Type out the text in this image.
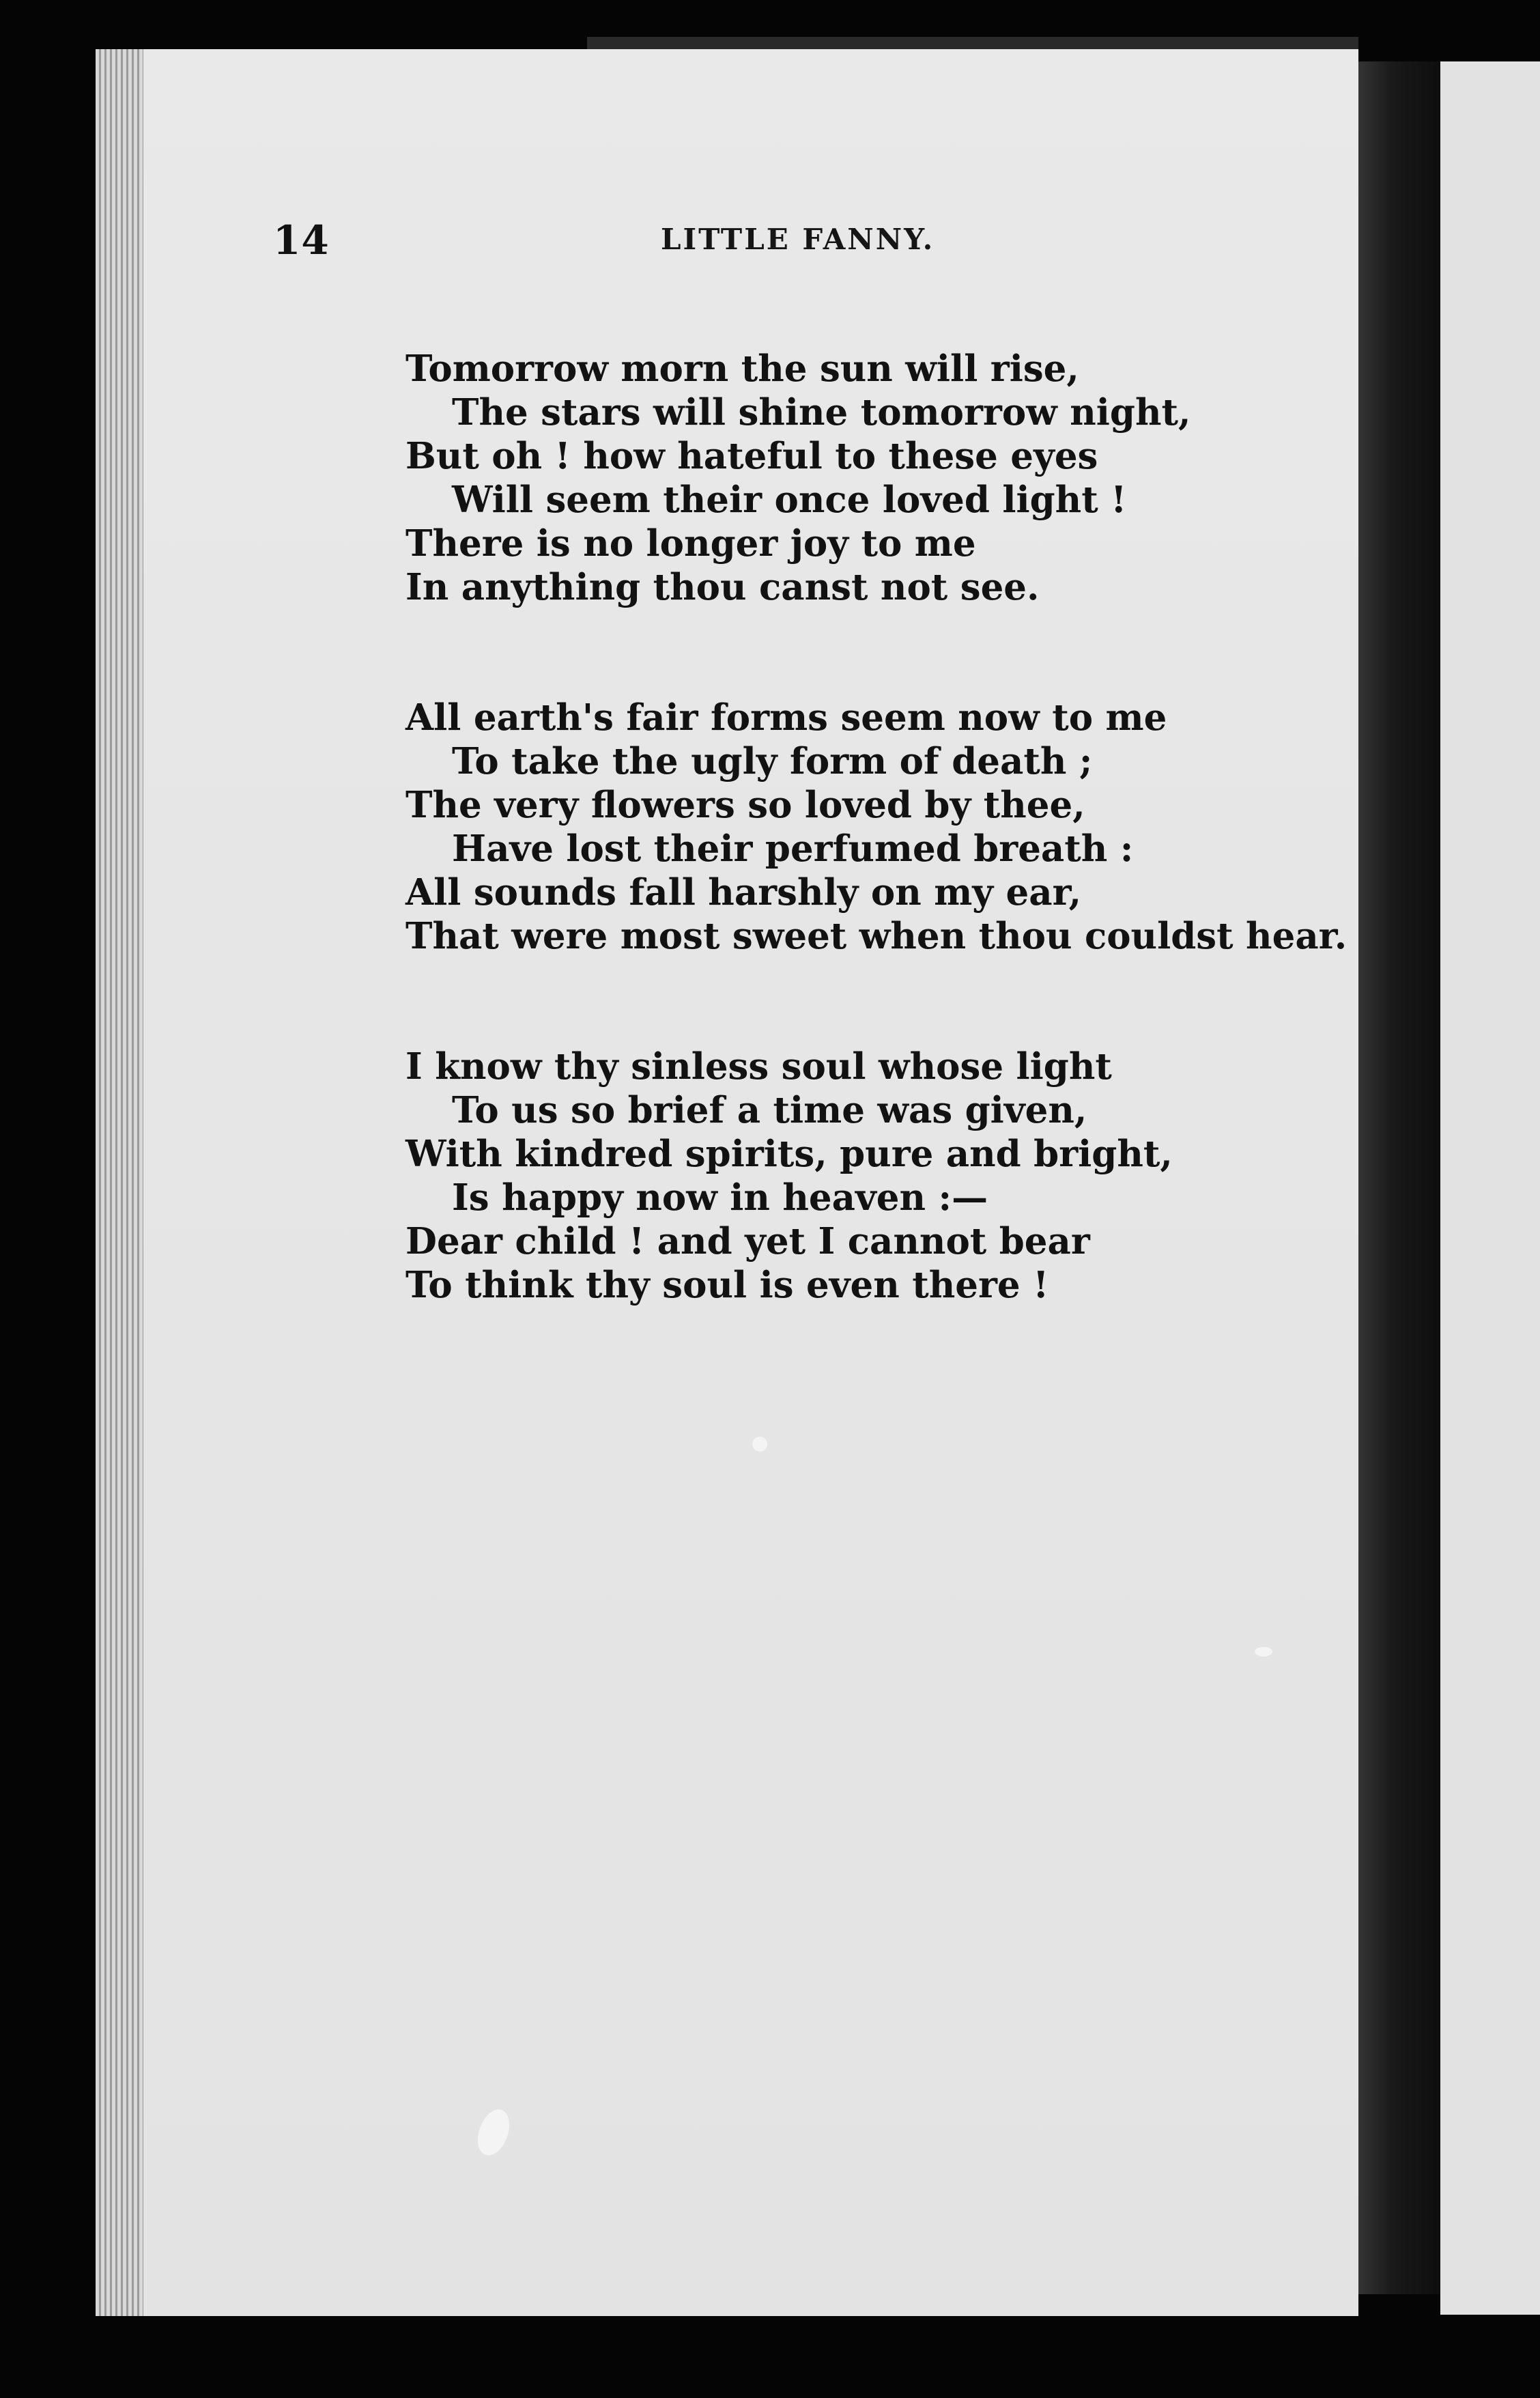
14	LITTLE FANNY.
Tomorrow morn the sun will rise,
The stars will shine tomorrow night,
But oh ! how hateful to these eyes
Will seem their once loved light !
There is no longer joy to me
In anything thou canst not see.
All earth's fair forms seem now to me
To take the ugly form of death ;
The very flowers so loved by thee,
Have lost their perfumed breath :
All sounds fall harshly on my ear,
That were most sweet when thou couldst hear.
I know thy sinless soul whose light
To us so brief a time was given,
With kindred spirits, pure and bright,
Is happy now in heaven :—
Dear child ! and yet I cannot bear
To think thy soul is even there !
